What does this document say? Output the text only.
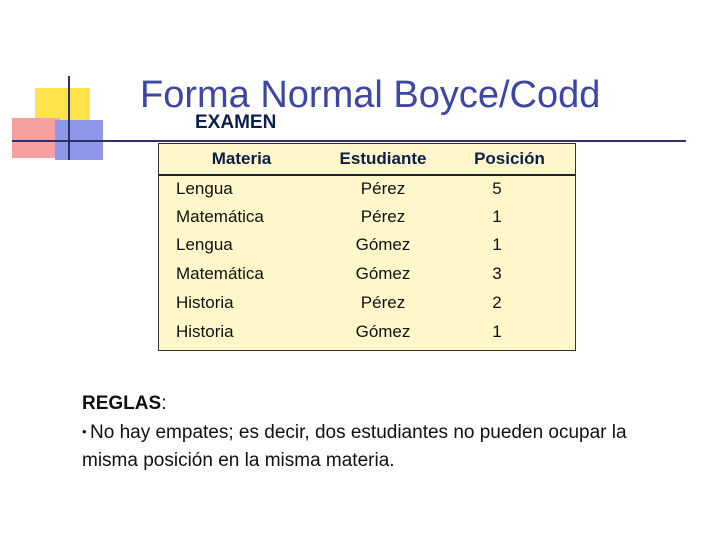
Forma Normal Boyce/Codd
EXAMEN
Materia	Estudiante	Posición
Lengua	Pérez	5
Matemática	Pérez	1
Lengua	Gómez	1
Matemática	Gómez	3
Historia	Pérez	2
Historia	Gómez	1

REGLAS:

• No hay empates; es decir, dos estudiantes no pueden ocupar la misma posición en la misma materia.
